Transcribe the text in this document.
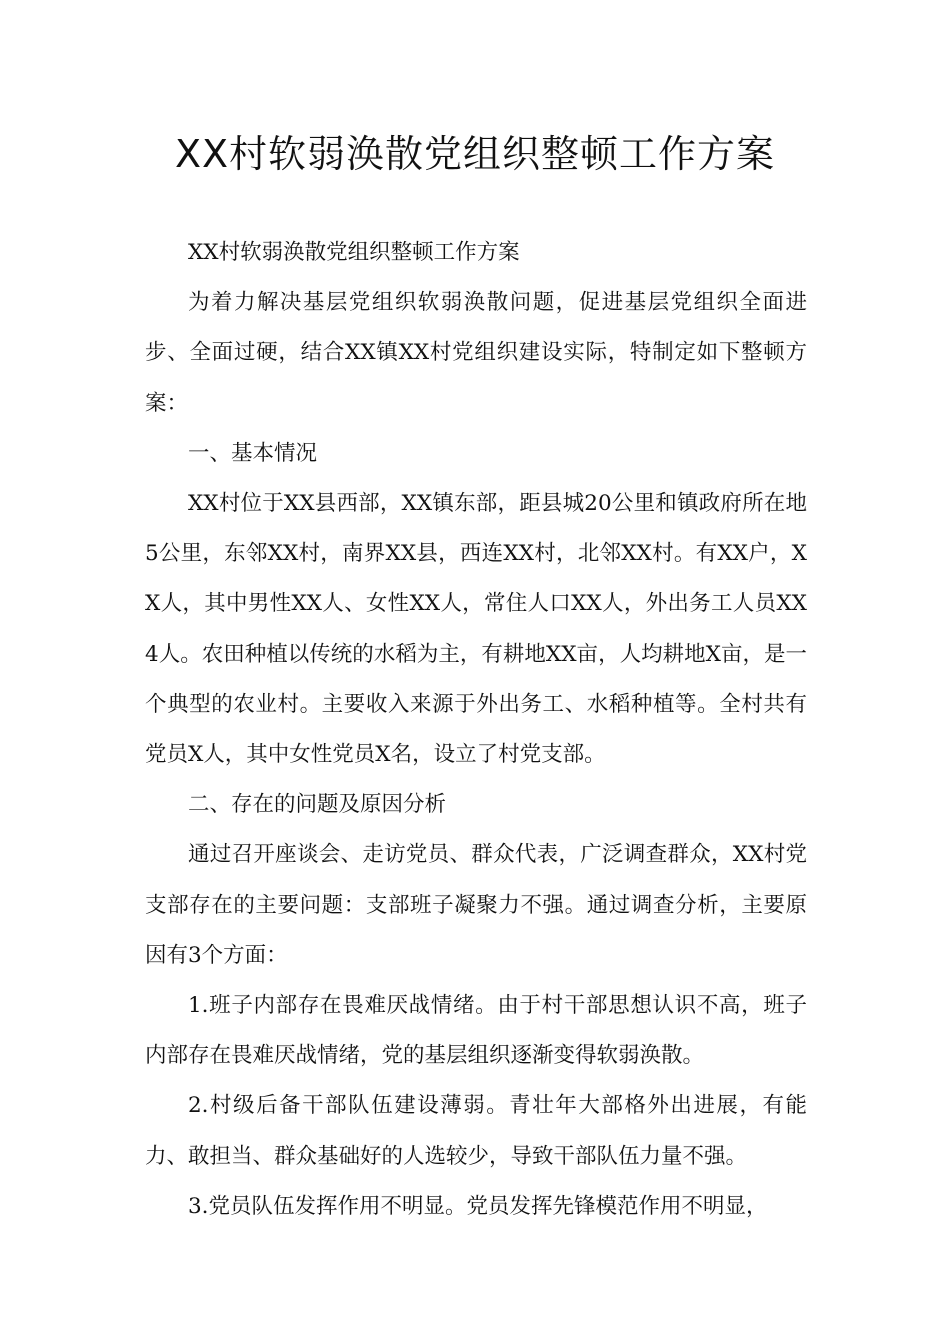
XX村软弱涣散党组织整顿工作方案

XX村软弱涣散党组织整顿工作方案

为着力解决基层党组织软弱涣散问题，促进基层党组织全面进步、全面过硬，结合XX镇XX村党组织建设实际，特制定如下整顿方案：

一、基本情况

XX村位于XX县西部，XX镇东部，距县城20公里和镇政府所在地5公里，东邻XX村，南界XX县，西连XX村，北邻XX村。有XX户，XX人，其中男性XX人、女性XX人，常住人口XX人，外出务工人员XX4人。农田种植以传统的水稻为主，有耕地XX亩，人均耕地X亩，是一个典型的农业村。主要收入来源于外出务工、水稻种植等。全村共有党员X人，其中女性党员X名，设立了村党支部。

二、存在的问题及原因分析

通过召开座谈会、走访党员、群众代表，广泛调查群众，XX村党支部存在的主要问题：支部班子凝聚力不强。通过调查分析，主要原因有3个方面：

1.班子内部存在畏难厌战情绪。由于村干部思想认识不高，班子内部存在畏难厌战情绪，党的基层组织逐渐变得软弱涣散。

2.村级后备干部队伍建设薄弱。青壮年大部格外出进展，有能力、敢担当、群众基础好的人选较少，导致干部队伍力量不强。

3.党员队伍发挥作用不明显。党员发挥先锋模范作用不明显，
